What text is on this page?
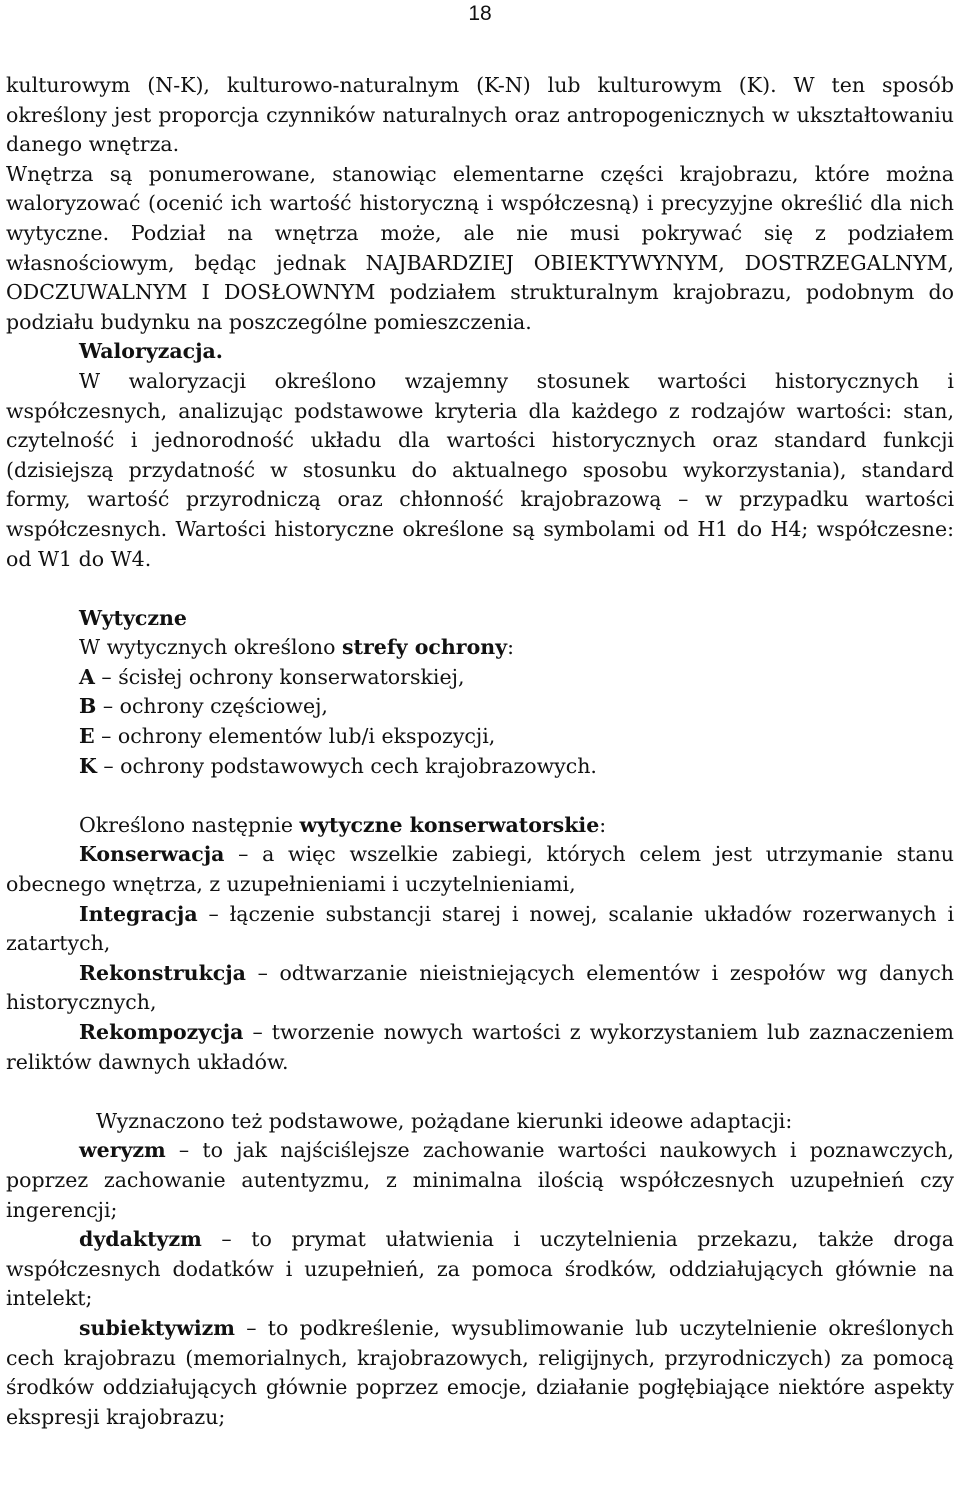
18

kulturowym (N-K), kulturowo-naturalnym (K-N) lub kulturowym (K). W ten sposób określony jest proporcja czynników naturalnych oraz antropogenicznych w ukształtowaniu danego wnętrza.

Wnętrza są ponumerowane, stanowiąc elementarne części krajobrazu, które można waloryzować (ocenić ich wartość historyczną i współczesną) i precyzyjne określić dla nich wytyczne. Podział na wnętrza może, ale nie musi pokrywać się z podziałem własnościowym, będąc jednak NAJBARDZIEJ OBIEKTYWYNYM, DOSTRZEGALNYM, ODCZUWALNYM I DOSŁOWNYM podziałem strukturalnym krajobrazu, podobnym do podziału budynku na poszczególne pomieszczenia.

Waloryzacja.

W waloryzacji określono wzajemny stosunek wartości historycznych i współczesnych, analizując podstawowe kryteria dla każdego z rodzajów wartości: stan, czytelność i jednorodność układu dla wartości historycznych oraz standard funkcji (dzisiejszą przydatność w stosunku do aktualnego sposobu wykorzystania), standard formy, wartość przyrodniczą oraz chłonność krajobrazową – w przypadku wartości współczesnych. Wartości historyczne określone są symbolami od H1 do H4; współczesne: od W1 do W4.

Wytyczne

W wytycznych określono strefy ochrony:

A – ścisłej ochrony konserwatorskiej,

B – ochrony częściowej,

E – ochrony elementów lub/i ekspozycji,

K – ochrony podstawowych cech krajobrazowych.

Określono następnie wytyczne konserwatorskie:

Konserwacja – a więc wszelkie zabiegi, których celem jest utrzymanie stanu obecnego wnętrza, z uzupełnieniami i uczytelnieniami,

Integracja – łączenie substancji starej i nowej, scalanie układów rozerwanych i zatartych,

Rekonstrukcja – odtwarzanie nieistniejących elementów i zespołów wg danych historycznych,

Rekompozycja – tworzenie nowych wartości z wykorzystaniem lub zaznaczeniem reliktów dawnych układów.

Wyznaczono też podstawowe, pożądane kierunki ideowe adaptacji:

weryzm – to jak najściślejsze zachowanie wartości naukowych i poznawczych, poprzez zachowanie autentyzmu, z minimalna ilością współczesnych uzupełnień czy ingerencji;

dydaktyzm – to prymat ułatwienia i uczytelnienia przekazu, także droga współczesnych dodatków i uzupełnień, za pomoca środków, oddziałujących głównie na intelekt;

subiektywizm – to podkreślenie, wysublimowanie lub uczytelnienie określonych cech krajobrazu (memorialnych, krajobrazowych, religijnych, przyrodniczych) za pomocą środków oddziałujących głównie poprzez emocje, działanie pogłębiające niektóre aspekty ekspresji krajobrazu;
